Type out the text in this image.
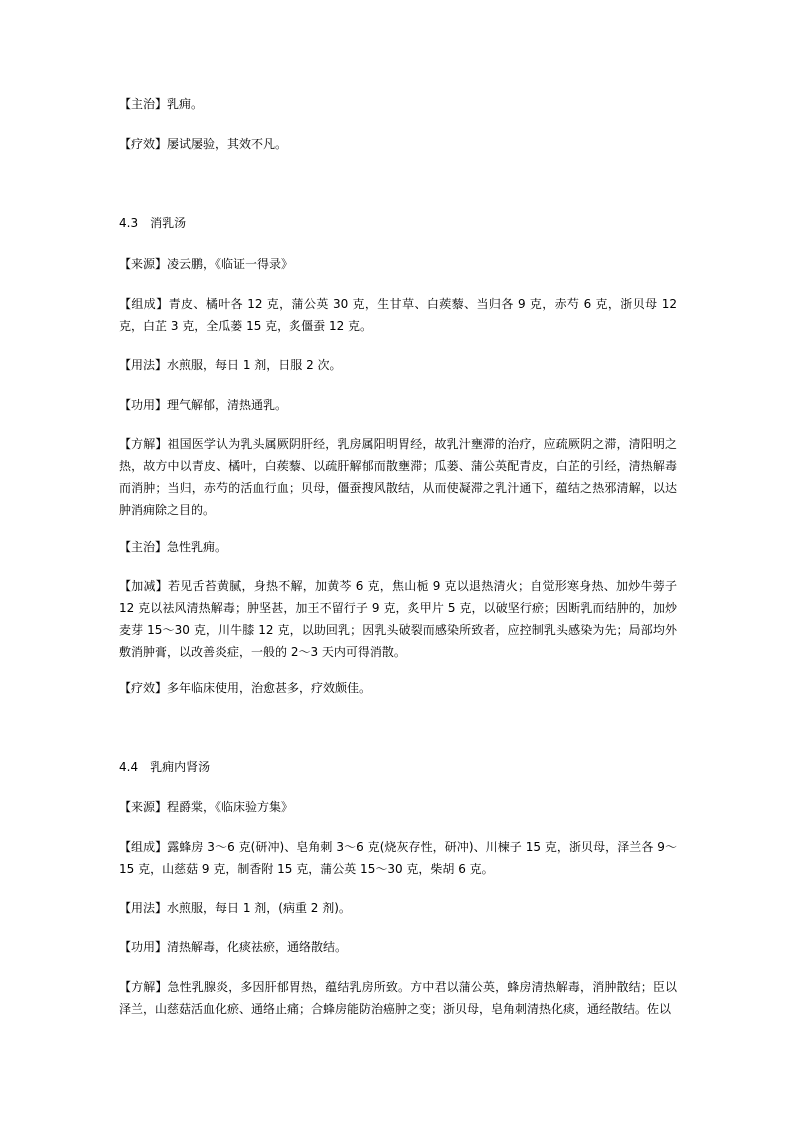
【主治】乳痈。

【疗效】屡试屡验，其效不凡。

4.3　消乳汤

【来源】凌云鹏，《临证一得录》

【组成】青皮、橘叶各 12 克，蒲公英 30 克，生甘草、白蒺藜、当归各 9 克，赤芍 6 克，浙贝母 12 克，白芷 3 克，全瓜蒌 15 克，炙僵蚕 12 克。

【用法】水煎服，每日 1 剂，日服 2 次。

【功用】理气解郁，清热通乳。

【方解】祖国医学认为乳头属厥阴肝经，乳房属阳明胃经，故乳汁壅滞的治疗，应疏厥阴之滞，清阳明之热，故方中以青皮、橘叶，白蒺藜、以疏肝解郁而散壅滞；瓜蒌、蒲公英配青皮，白芷的引经，清热解毒而消肿；当归，赤芍的活血行血；贝母，僵蚕搜风散结，从而使凝滞之乳汁通下，蕴结之热邪清解，以达肿消痈除之目的。

【主治】急性乳痈。

【加减】若见舌苔黄腻，身热不解，加黄芩 6 克，焦山栀 9 克以退热清火；自觉形寒身热、加炒牛蒡子 12 克以祛风清热解毒；肿坚甚，加王不留行子 9 克，炙甲片 5 克，以破坚行瘀；因断乳而结肿的，加炒麦芽 15～30 克，川牛膝 12 克，以助回乳；因乳头破裂而感染所致者，应控制乳头感染为先；局部均外敷消肿膏，以改善炎症，一般的 2～3 天内可得消散。

【疗效】多年临床使用，治愈甚多，疗效颇佳。

4.4　乳痈内肾汤

【来源】程爵棠，《临床验方集》

【组成】露蜂房 3～6 克(研冲)、皂角刺 3～6 克(烧灰存性，研冲)、川楝子 15 克，浙贝母，泽兰各 9～15 克，山慈菇 9 克，制香附 15 克，蒲公英 15～30 克，柴胡 6 克。

【用法】水煎服，每日 1 剂，(病重 2 剂)。

【功用】清热解毒，化痰祛瘀，通络散结。

【方解】急性乳腺炎，多因肝郁胃热，蕴结乳房所致。方中君以蒲公英，蜂房清热解毒，消肿散结；臣以泽兰，山慈菇活血化瘀、通络止痛；合蜂房能防治癌肿之变；浙贝母，皂角刺清热化痰，通经散结。佐以
